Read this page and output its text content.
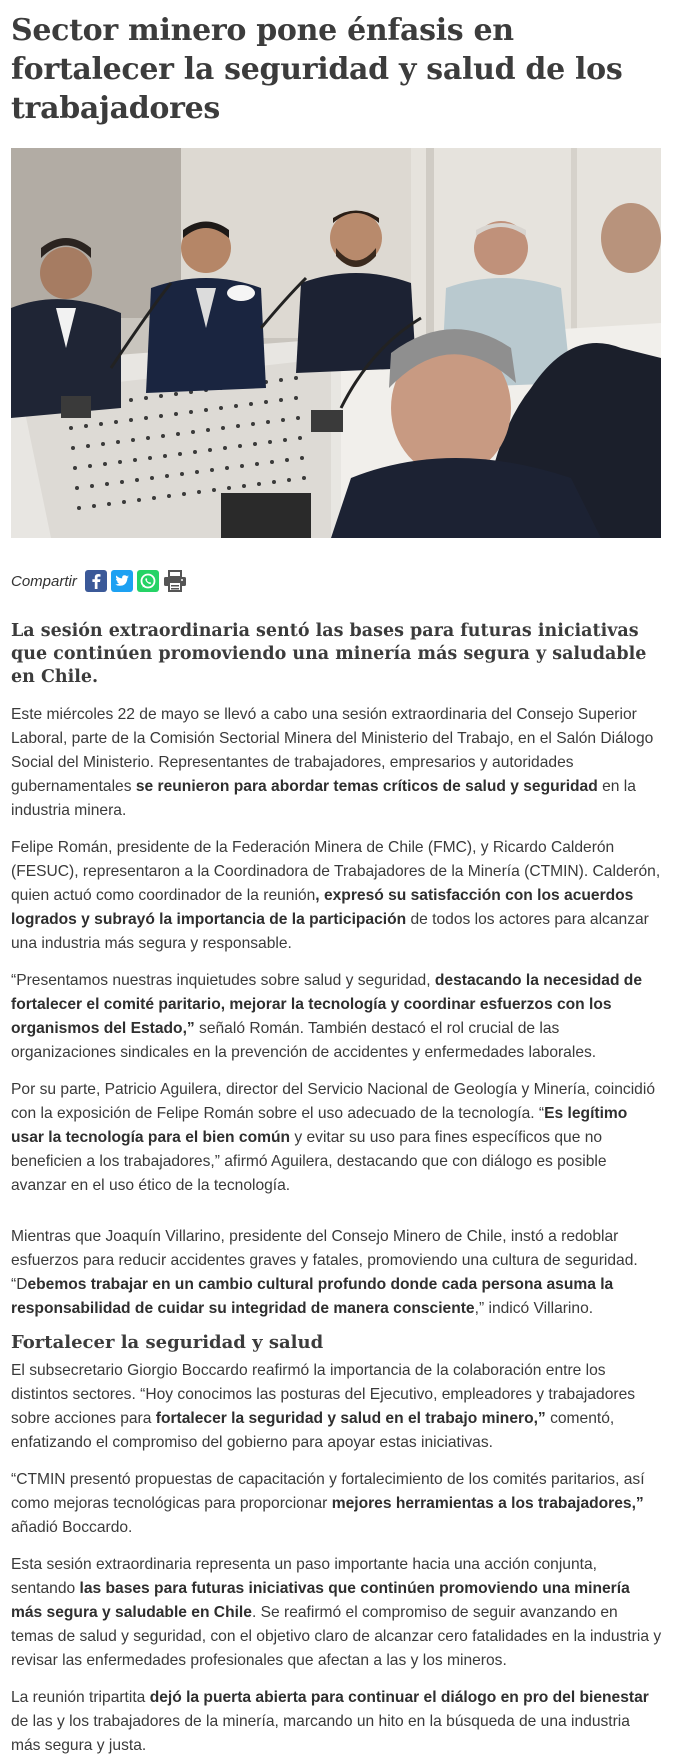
Sector minero pone énfasis en fortalecer la seguridad y salud de los trabajadores
Compartir
La sesión extraordinaria sentó las bases para futuras iniciativas que continúen promoviendo una minería más segura y saludable en Chile.

Este miércoles 22 de mayo se llevó a cabo una sesión extraordinaria del Consejo Superior Laboral, parte de la Comisión Sectorial Minera del Ministerio del Trabajo, en el Salón Diálogo Social del Ministerio. Representantes de trabajadores, empresarios y autoridades gubernamentales se reunieron para abordar temas críticos de salud y seguridad en la industria minera.

Felipe Román, presidente de la Federación Minera de Chile (FMC), y Ricardo Calderón (FESUC), representaron a la Coordinadora de Trabajadores de la Minería (CTMIN). Calderón, quien actuó como coordinador de la reunión, expresó su satisfacción con los acuerdos logrados y subrayó la importancia de la participación de todos los actores para alcanzar una industria más segura y responsable.

“Presentamos nuestras inquietudes sobre salud y seguridad, destacando la necesidad de fortalecer el comité paritario, mejorar la tecnología y coordinar esfuerzos con los organismos del Estado,” señaló Román. También destacó el rol crucial de las organizaciones sindicales en la prevención de accidentes y enfermedades laborales.

Por su parte, Patricio Aguilera, director del Servicio Nacional de Geología y Minería, coincidió con la exposición de Felipe Román sobre el uso adecuado de la tecnología. “Es legítimo usar la tecnología para el bien común y evitar su uso para fines específicos que no beneficien a los trabajadores,” afirmó Aguilera, destacando que con diálogo es posible avanzar en el uso ético de la tecnología.

Mientras que Joaquín Villarino, presidente del Consejo Minero de Chile, instó a redoblar esfuerzos para reducir accidentes graves y fatales, promoviendo una cultura de seguridad. “Debemos trabajar en un cambio cultural profundo donde cada persona asuma la responsabilidad de cuidar su integridad de manera consciente,” indicó Villarino.

Fortalecer la seguridad y salud

El subsecretario Giorgio Boccardo reafirmó la importancia de la colaboración entre los distintos sectores. “Hoy conocimos las posturas del Ejecutivo, empleadores y trabajadores sobre acciones para fortalecer la seguridad y salud en el trabajo minero,” comentó, enfatizando el compromiso del gobierno para apoyar estas iniciativas.

“CTMIN presentó propuestas de capacitación y fortalecimiento de los comités paritarios, así como mejoras tecnológicas para proporcionar mejores herramientas a los trabajadores,” añadió Boccardo.

Esta sesión extraordinaria representa un paso importante hacia una acción conjunta, sentando las bases para futuras iniciativas que continúen promoviendo una minería más segura y saludable en Chile. Se reafirmó el compromiso de seguir avanzando en temas de salud y seguridad, con el objetivo claro de alcanzar cero fatalidades en la industria y revisar las enfermedades profesionales que afectan a las y los mineros.

La reunión tripartita dejó la puerta abierta para continuar el diálogo en pro del bienestar de las y los trabajadores de la minería, marcando un hito en la búsqueda de una industria más segura y justa.
